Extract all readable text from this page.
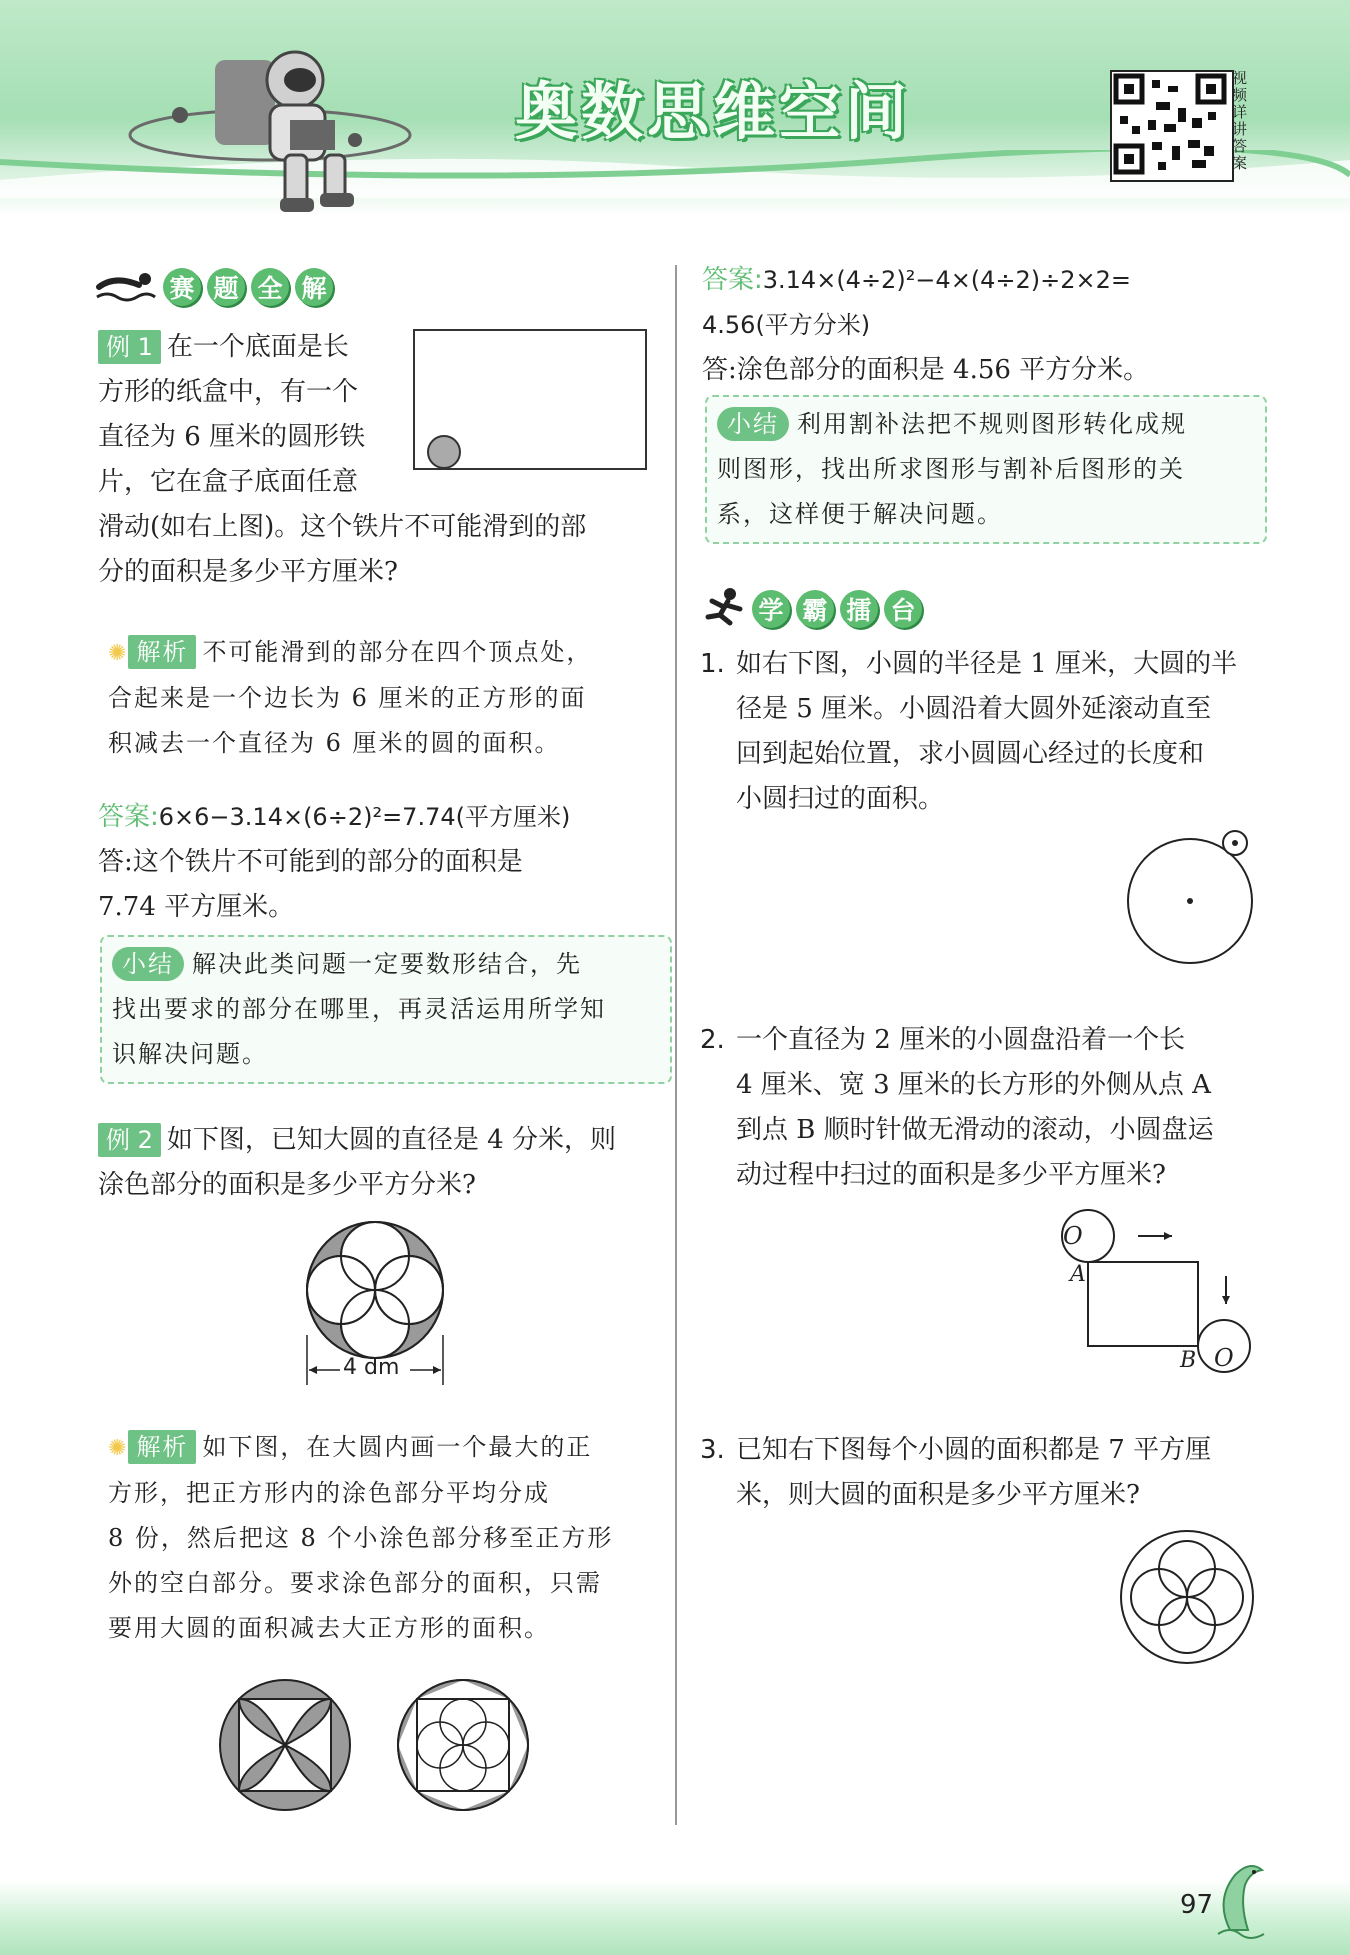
奥数思维空间	视频详讲答案
赛 题 全 解
例 1 在一个底面是长
方形的纸盒中，有一个
直径为 6 厘米的圆形铁
片，它在盒子底面任意
滑动(如右上图)。这个铁片不可能滑到的部
分的面积是多少平方厘米?
✺ 解析 不可能滑到的部分在四个顶点处，
合起来是一个边长为 6 厘米的正方形的面
积减去一个直径为 6 厘米的圆的面积。
答案:6×6−3.14×(6÷2)²=7.74(平方厘米)
答:这个铁片不可能到的部分的面积是
7.74 平方厘米。
小结 解决此类问题一定要数形结合，先
找出要求的部分在哪里，再灵活运用所学知
识解决问题。
例 2 如下图，已知大圆的直径是 4 分米，则
涂色部分的面积是多少平方分米?
4 dm
✺ 解析 如下图，在大圆内画一个最大的正
方形，把正方形内的涂色部分平均分成
8 份，然后把这 8 个小涂色部分移至正方形
外的空白部分。要求涂色部分的面积，只需
要用大圆的面积减去大正方形的面积。
答案:3.14×(4÷2)²−4×(4÷2)÷2×2=
4.56(平方分米)
答:涂色部分的面积是 4.56 平方分米。
小结 利用割补法把不规则图形转化成规
则图形，找出所求图形与割补后图形的关
系，这样便于解决问题。
学 霸 擂 台
1. 如右下图，小圆的半径是 1 厘米，大圆的半
径是 5 厘米。小圆沿着大圆外延滚动直至
回到起始位置，求小圆圆心经过的长度和
小圆扫过的面积。
2. 一个直径为 2 厘米的小圆盘沿着一个长
4 厘米、宽 3 厘米的长方形的外侧从点 A
到点 B 顺时针做无滑动的滚动，小圆盘运
动过程中扫过的面积是多少平方厘米?
O
A
B O
3. 已知右下图每个小圆的面积都是 7 平方厘
米，则大圆的面积是多少平方厘米?
97
